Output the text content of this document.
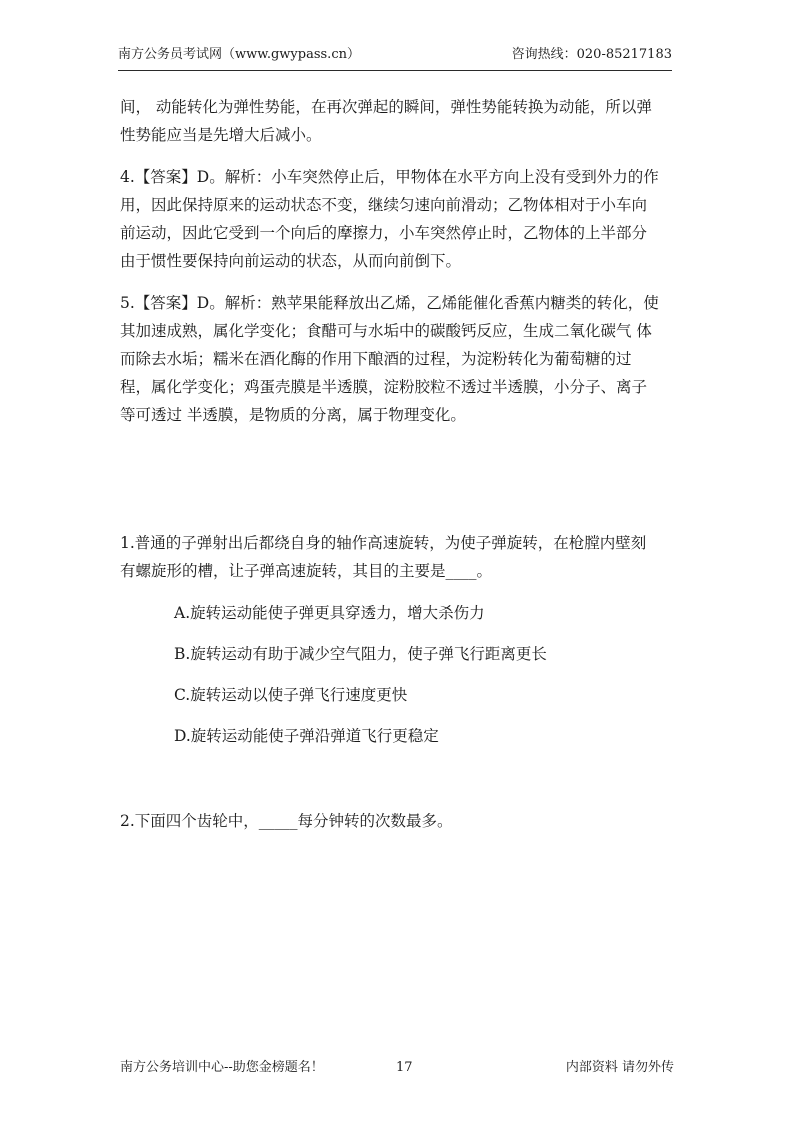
南方公务员考试网（www.gwypass.cn）	咨询热线：020-85217183

间， 动能转化为弹性势能，在再次弹起的瞬间，弹性势能转换为动能，所以弹
性势能应当是先增大后减小。

4.【答案】D。解析：小车突然停止后，甲物体在水平方向上没有受到外力的作
用，因此保持原来的运动状态不变，继续匀速向前滑动；乙物体相对于小车向
前运动，因此它受到一个向后的摩擦力，小车突然停止时，乙物体的上半部分
由于惯性要保持向前运动的状态，从而向前倒下。

5.【答案】D。解析：熟苹果能释放出乙烯，乙烯能催化香蕉内糖类的转化，使
其加速成熟，属化学变化；食醋可与水垢中的碳酸钙反应，生成二氧化碳气 体
而除去水垢；糯米在酒化酶的作用下酿酒的过程，为淀粉转化为葡萄糖的过
程，属化学变化；鸡蛋壳膜是半透膜，淀粉胶粒不透过半透膜，小分子、离子
等可透过 半透膜，是物质的分离，属于物理变化。

1.普通的子弹射出后都绕自身的轴作高速旋转，为使子弹旋转，在枪膛内壁刻

有螺旋形的槽，让子弹高速旋转，其目的主要是____。

A.旋转运动能使子弹更具穿透力，增大杀伤力

B.旋转运动有助于减少空气阻力，使子弹飞行距离更长

C.旋转运动以使子弹飞行速度更快

D.旋转运动能使子弹沿弹道飞行更稳定

2.下面四个齿轮中，_____每分钟转的次数最多。

南方公务培训中心--助您金榜题名！	17	内部资料 请勿外传
